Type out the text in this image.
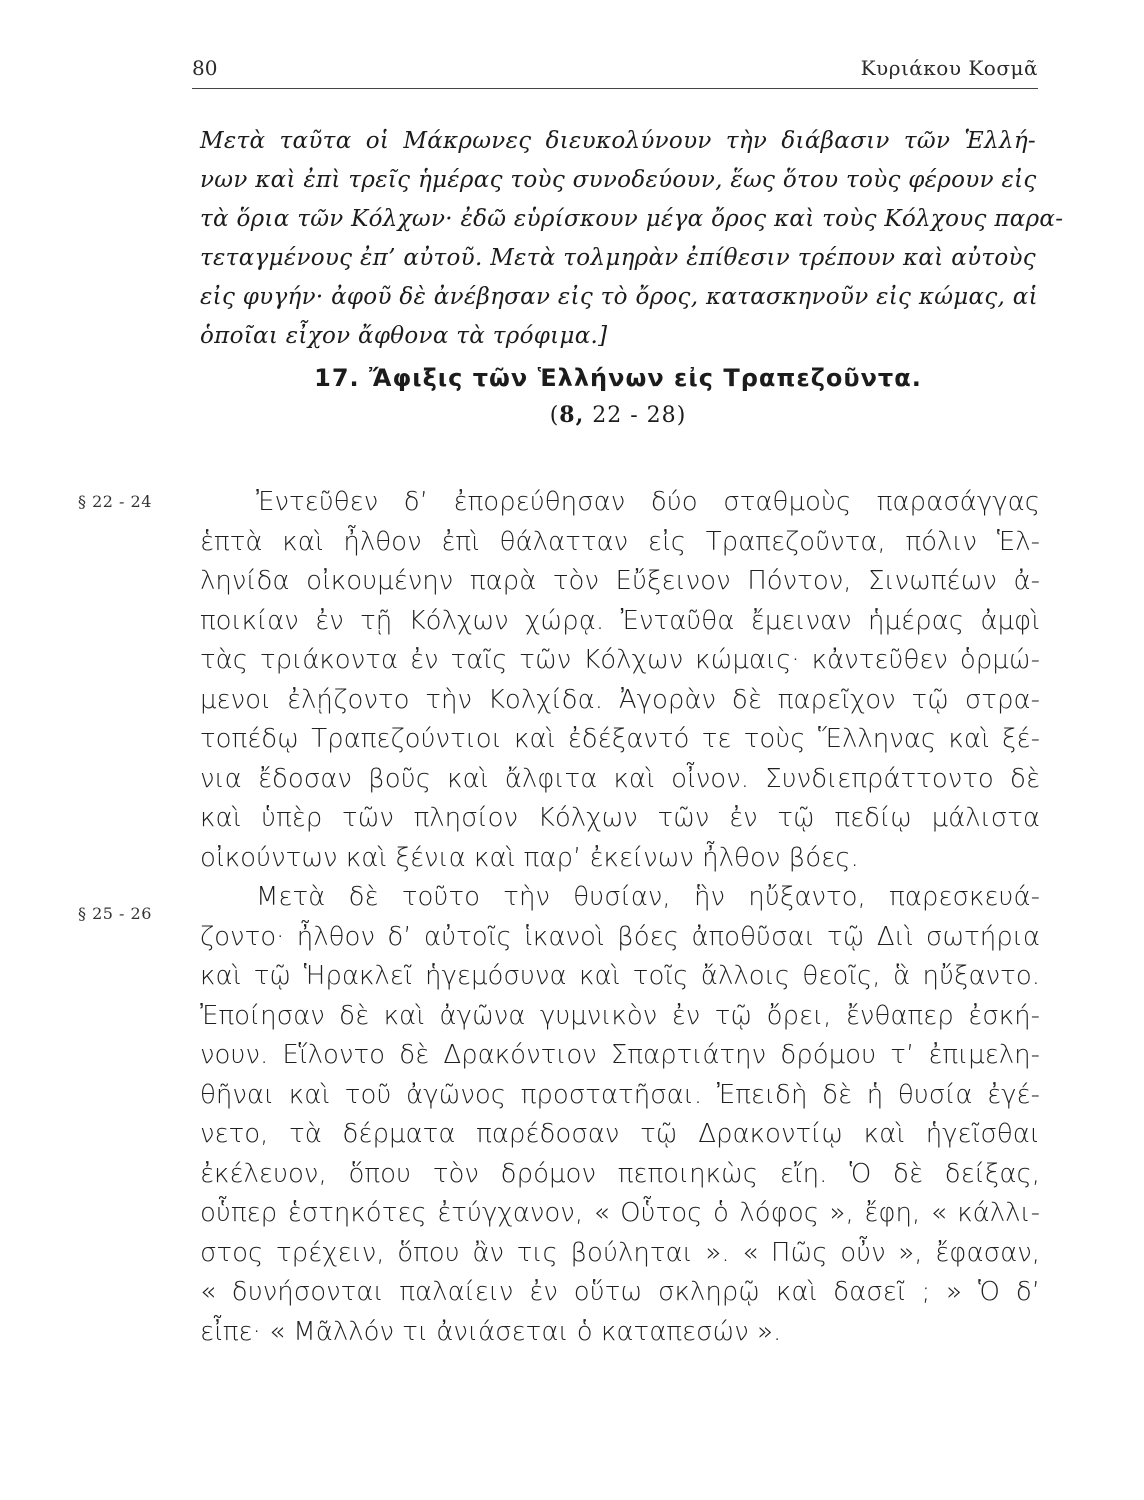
80	Κυριάκου Κοσμᾶ
Μετὰ ταῦτα οἱ Μάκρωνες διευκολύνουν τὴν διάβασιν τῶν Ἑλλή-
νων καὶ ἐπὶ τρεῖς ἡμέρας τοὺς συνοδεύουν, ἕως ὅτου τοὺς φέρουν εἰς
τὰ ὅρια τῶν Κόλχων· ἐδῶ εὑρίσκουν μέγα ὄρος καὶ τοὺς Κόλχους παρα-
τεταγμένους ἐπ’ αὐτοῦ. Μετὰ τολμηρὰν ἐπίθεσιν τρέπουν καὶ αὐτοὺς
εἰς φυγήν· ἀφοῦ δὲ ἀνέβησαν εἰς τὸ ὄρος, κατασκηνοῦν εἰς κώμας, αἱ
ὁποῖαι εἶχον ἄφθονα τὰ τρόφιμα.]
17. Ἄφιξις τῶν Ἑλλήνων εἰς Τραπεζοῦντα.
(8, 22 - 28)
§ 22 - 24
§ 25 - 26
Ἐντεῦθεν δ’ ἐπορεύθησαν δύο σταθμοὺς παρασάγγας
ἑπτὰ καὶ ἦλθον ἐπὶ θάλατταν εἰς Τραπεζοῦντα, πόλιν Ἑλ-
ληνίδα οἰκουμένην παρὰ τὸν Εὔξεινον Πόντον, Σινωπέων ἀ-
ποικίαν ἐν τῇ Κόλχων χώρᾳ. Ἐνταῦθα ἔμειναν ἡμέρας ἀμφὶ
τὰς τριάκοντα ἐν ταῖς τῶν Κόλχων κώμαις· κἀντεῦθεν ὁρμώ-
μενοι ἐλῄζοντο τὴν Κολχίδα. Ἀγορὰν δὲ παρεῖχον τῷ στρα-
τοπέδῳ Τραπεζούντιοι καὶ ἐδέξαντό τε τοὺς Ἕλληνας καὶ ξέ-
νια ἔδοσαν βοῦς καὶ ἄλφιτα καὶ οἶνον. Συνδιεπράττοντο δὲ
καὶ ὑπὲρ τῶν πλησίον Κόλχων τῶν ἐν τῷ πεδίῳ μάλιστα
οἰκούντων καὶ ξένια καὶ παρ’ ἐκείνων ἦλθον βόες.
Μετὰ δὲ τοῦτο τὴν θυσίαν, ἣν ηὔξαντο, παρεσκευά-
ζοντο· ἦλθον δ’ αὐτοῖς ἱκανοὶ βόες ἀποθῦσαι τῷ Διὶ σωτήρια
καὶ τῷ Ἡρακλεῖ ἡγεμόσυνα καὶ τοῖς ἄλλοις θεοῖς, ἃ ηὔξαντο.
Ἐποίησαν δὲ καὶ ἀγῶνα γυμνικὸν ἐν τῷ ὄρει, ἔνθαπερ ἐσκή-
νουν. Εἵλοντο δὲ Δρακόντιον Σπαρτιάτην δρόμου τ’ ἐπιμελη-
θῆναι καὶ τοῦ ἀγῶνος προστατῆσαι. Ἐπειδὴ δὲ ἡ θυσία ἐγέ-
νετο, τὰ δέρματα παρέδοσαν τῷ Δρακοντίῳ καὶ ἡγεῖσθαι
ἐκέλευον, ὅπου τὸν δρόμον πεποιηκὼς εἴη. Ὁ δὲ δείξας,
οὗπερ ἑστηκότες ἐτύγχανον, « Οὗτος ὁ λόφος », ἔφη, « κάλλι-
στος τρέχειν, ὅπου ἂν τις βούληται ». « Πῶς οὖν », ἔφασαν,
« δυνήσονται παλαίειν ἐν οὕτω σκληρῷ καὶ δασεῖ ; » Ὁ δ’
εἶπε· « Μᾶλλόν τι ἀνιάσεται ὁ καταπεσών ».
